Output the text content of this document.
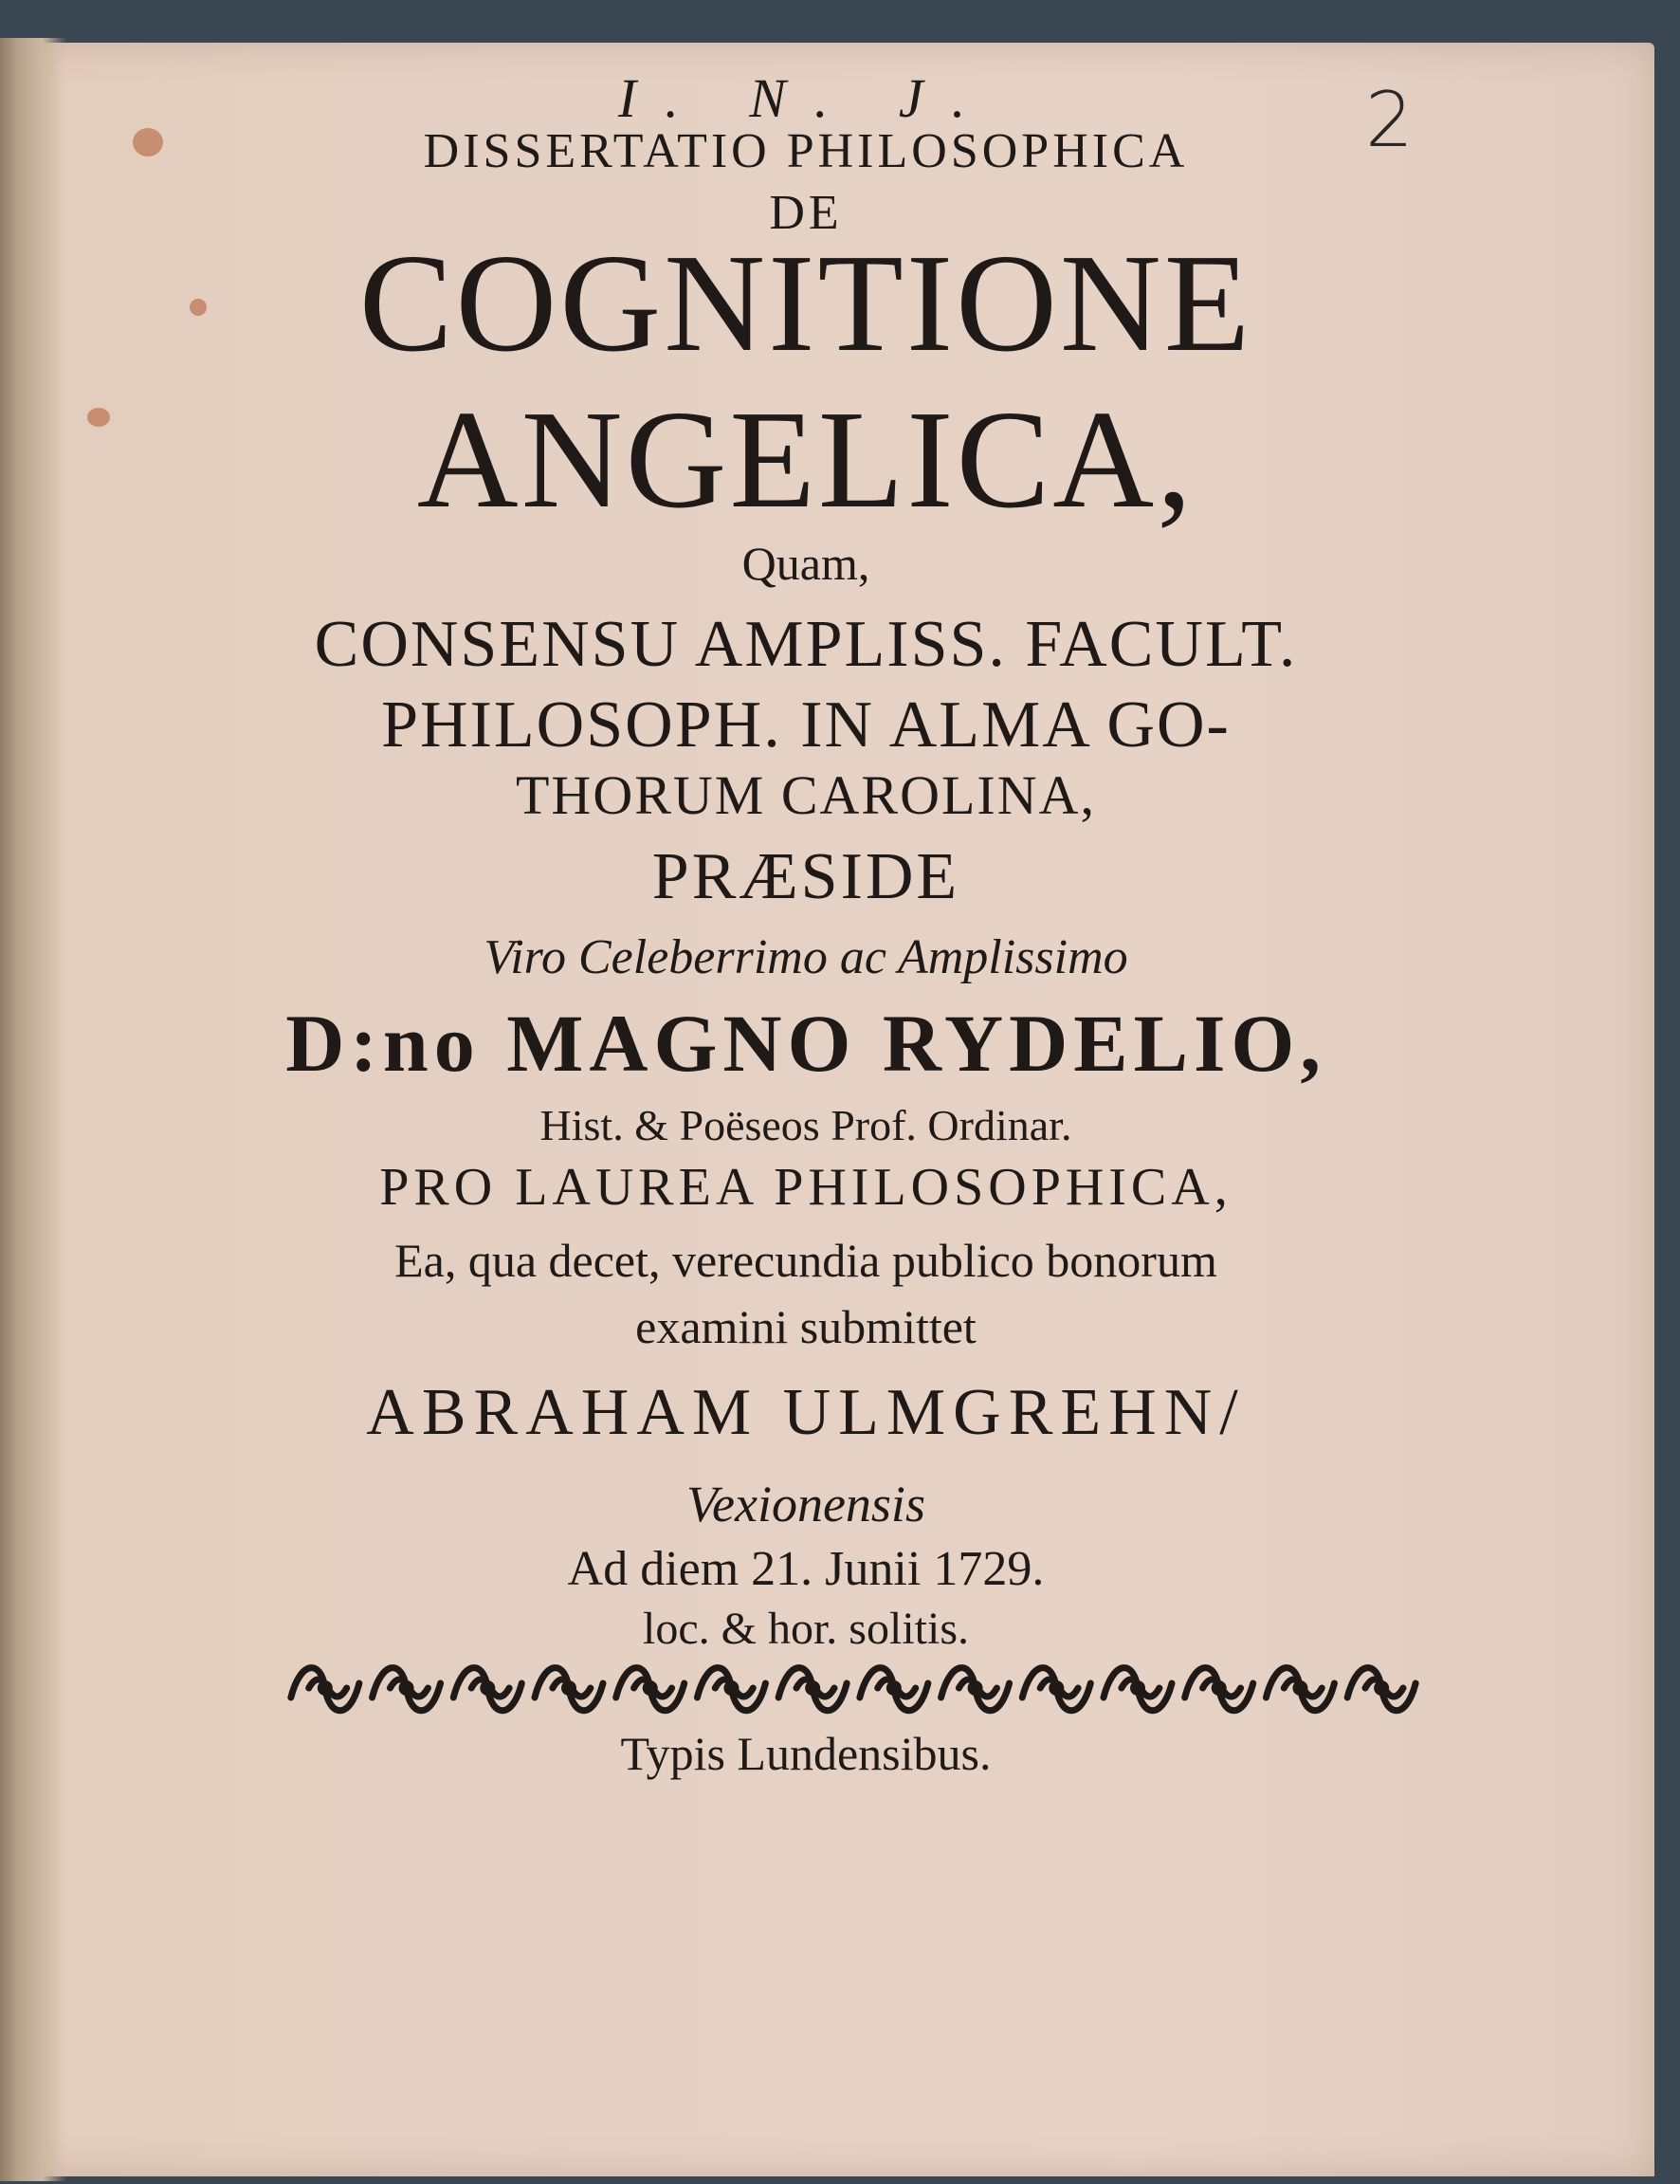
I. N. J.	2
DISSERTATIO PHILOSOPHICA
DE
COGNITIONE
ANGELICA,
Quam,
CONSENSU AMPLISS. FACULT.
PHILOSOPH. IN ALMA GO-
THORUM CAROLINA,
PRÆSIDE
Viro Celeberrimo ac Amplissimo
D:no MAGNO RYDELIO,
Hist. & Poëseos Prof. Ordinar.
PRO LAUREA PHILOSOPHICA,
Ea, qua decet, verecundia publico bonorum
examini submittet
ABRAHAM ULMGREHN/
Vexionensis
Ad diem 21. Junii 1729.
loc. & hor. solitis.
Typis Lundensibus.
